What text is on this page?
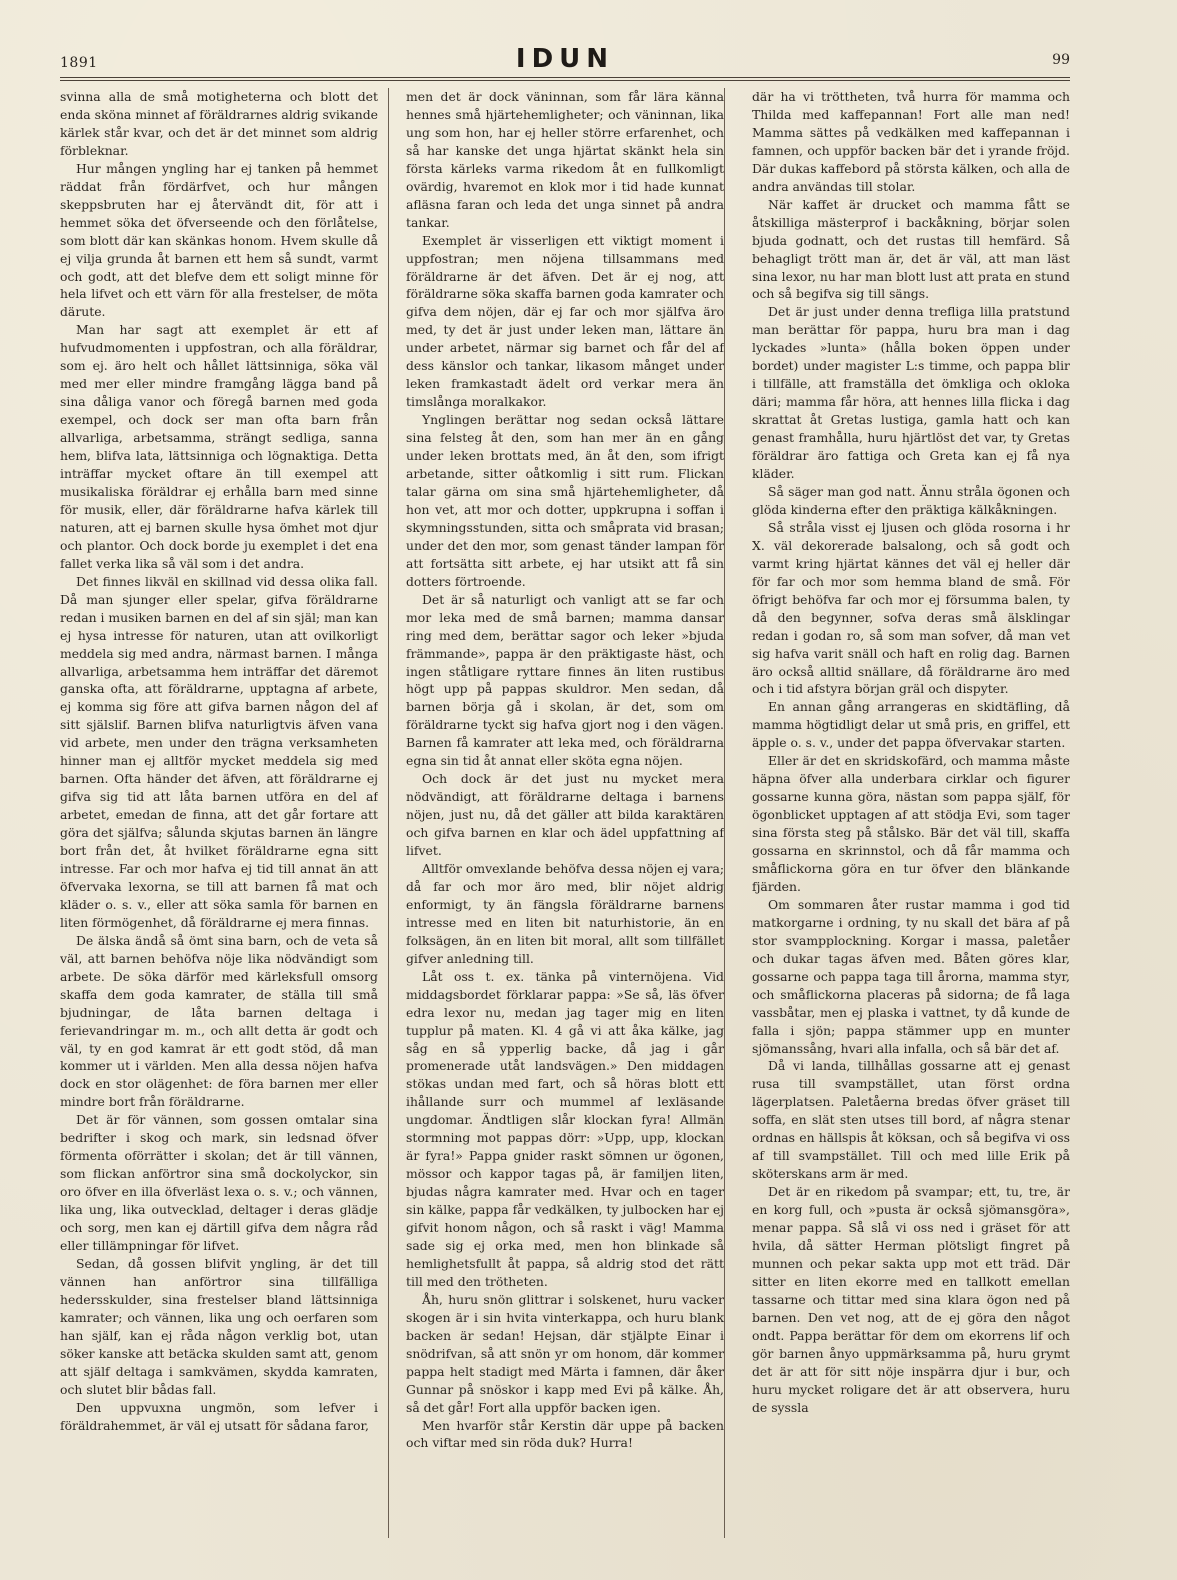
1891	IDUN	99

svinna alla de små motigheterna och blott det enda sköna minnet af föräldrarnes aldrig svikande kärlek står kvar, och det är det minnet som aldrig förbleknar.

Hur mången yngling har ej tanken på hemmet räddat från fördärfvet, och hur mången skeppsbruten har ej återvändt dit, för att i hemmet söka det öfverseende och den förlåtelse, som blott där kan skänkas honom. Hvem skulle då ej vilja grunda åt barnen ett hem så sundt, varmt och godt, att det blefve dem ett soligt minne för hela lifvet och ett värn för alla frestelser, de möta därute.

Man har sagt att exemplet är ett af hufvudmomenten i uppfostran, och alla föräldrar, som ej. äro helt och hållet lättsinniga, söka väl med mer eller mindre framgång lägga band på sina dåliga vanor och föregå barnen med goda exempel, och dock ser man ofta barn från allvarliga, arbetsamma, strängt sedliga, sanna hem, blifva lata, lättsinniga och lögnaktiga. Detta inträffar mycket oftare än till exempel att musikaliska föräldrar ej erhålla barn med sinne för musik, eller, där föräldrarne hafva kärlek till naturen, att ej barnen skulle hysa ömhet mot djur och plantor. Och dock borde ju exemplet i det ena fallet verka lika så väl som i det andra.

Det finnes likväl en skillnad vid dessa olika fall. Då man sjunger eller spelar, gifva föräldrarne redan i musiken barnen en del af sin själ; man kan ej hysa intresse för naturen, utan att ovilkorligt meddela sig med andra, närmast barnen. I många allvarliga, arbetsamma hem inträffar det däremot ganska ofta, att föräldrarne, upptagna af arbete, ej komma sig före att gifva barnen någon del af sitt själslif. Barnen blifva naturligtvis äfven vana vid arbete, men under den trägna verksamheten hinner man ej alltför mycket meddela sig med barnen. Ofta händer det äfven, att föräldrarne ej gifva sig tid att låta barnen utföra en del af arbetet, emedan de finna, att det går fortare att göra det själfva; sålunda skjutas barnen än längre bort från det, åt hvilket föräldrarne egna sitt intresse. Far och mor hafva ej tid till annat än att öfvervaka lexorna, se till att barnen få mat och kläder o. s. v., eller att söka samla för barnen en liten förmögenhet, då föräldrarne ej mera finnas.

De älska ändå så ömt sina barn, och de veta så väl, att barnen behöfva nöje lika nödvändigt som arbete. De söka därför med kärleksfull omsorg skaffa dem goda kamrater, de ställa till små bjudningar, de låta barnen deltaga i ferievandringar m. m., och allt detta är godt och väl, ty en god kamrat är ett godt stöd, då man kommer ut i världen. Men alla dessa nöjen hafva dock en stor olägenhet: de föra barnen mer eller mindre bort från föräldrarne.

Det är för vännen, som gossen omtalar sina bedrifter i skog och mark, sin ledsnad öfver förmenta oförrätter i skolan; det är till vännen, som flickan anförtror sina små dockolyckor, sin oro öfver en illa öfverläst lexa o. s. v.; och vännen, lika ung, lika outvecklad, deltager i deras glädje och sorg, men kan ej därtill gifva dem några råd eller tillämpningar för lifvet.

Sedan, då gossen blifvit yngling, är det till vännen han anförtror sina tillfälliga hedersskulder, sina frestelser bland lättsinniga kamrater; och vännen, lika ung och oerfaren som han själf, kan ej råda någon verklig bot, utan söker kanske att betäcka skulden samt att, genom att själf deltaga i samkvämen, skydda kamraten, och slutet blir bådas fall.

Den uppvuxna ungmön, som lefver i föräldrahemmet, är väl ej utsatt för sådana faror,

men det är dock väninnan, som får lära känna hennes små hjärtehemligheter; och väninnan, lika ung som hon, har ej heller större erfarenhet, och så har kanske det unga hjärtat skänkt hela sin första kärleks varma rikedom åt en fullkomligt ovärdig, hvaremot en klok mor i tid hade kunnat afläsna faran och leda det unga sinnet på andra tankar.

Exemplet är visserligen ett viktigt moment i uppfostran; men nöjena tillsammans med föräldrarne är det äfven. Det är ej nog, att föräldrarne söka skaffa barnen goda kamrater och gifva dem nöjen, där ej far och mor själfva äro med, ty det är just under leken man, lättare än under arbetet, närmar sig barnet och får del af dess känslor och tankar, likasom månget under leken framkastadt ädelt ord verkar mera än timslånga moralkakor.

Ynglingen berättar nog sedan också lättare sina felsteg åt den, som han mer än en gång under leken brottats med, än åt den, som ifrigt arbetande, sitter oåtkomlig i sitt rum. Flickan talar gärna om sina små hjärtehemligheter, då hon vet, att mor och dotter, uppkrupna i soffan i skymningsstunden, sitta och småprata vid brasan; under det den mor, som genast tänder lampan för att fortsätta sitt arbete, ej har utsikt att få sin dotters förtroende.

Det är så naturligt och vanligt att se far och mor leka med de små barnen; mamma dansar ring med dem, berättar sagor och leker »bjuda främmande», pappa är den präktigaste häst, och ingen ståtligare ryttare finnes än liten rustibus högt upp på pappas skuldror. Men sedan, då barnen börja gå i skolan, är det, som om föräldrarne tyckt sig hafva gjort nog i den vägen. Barnen få kamrater att leka med, och föräldrarna egna sin tid åt annat eller sköta egna nöjen.

Och dock är det just nu mycket mera nödvändigt, att föräldrarne deltaga i barnens nöjen, just nu, då det gäller att bilda karaktären och gifva barnen en klar och ädel uppfattning af lifvet.

Alltför omvexlande behöfva dessa nöjen ej vara; då far och mor äro med, blir nöjet aldrig enformigt, ty än fängsla föräldrarne barnens intresse med en liten bit naturhistorie, än en folksägen, än en liten bit moral, allt som tillfället gifver anledning till.

Låt oss t. ex. tänka på vinternöjena. Vid middagsbordet förklarar pappa: »Se så, läs öfver edra lexor nu, medan jag tager mig en liten tupplur på maten. Kl. 4 gå vi att åka kälke, jag såg en så ypperlig backe, då jag i går promenerade utåt landsvägen.» Den middagen stökas undan med fart, och så höras blott ett ihållande surr och mummel af lexläsande ungdomar. Ändtligen slår klockan fyra! Allmän stormning mot pappas dörr: »Upp, upp, klockan är fyra!» Pappa gnider raskt sömnen ur ögonen, mössor och kappor tagas på, är familjen liten, bjudas några kamrater med. Hvar och en tager sin kälke, pappa får vedkälken, ty julbocken har ej gifvit honom någon, och så raskt i väg! Mamma sade sig ej orka med, men hon blinkade så hemlighetsfullt åt pappa, så aldrig stod det rätt till med den trötheten.

Åh, huru snön glittrar i solskenet, huru vacker skogen är i sin hvita vinterkappa, och huru blank backen är sedan! Hejsan, där stjälpte Einar i snödrifvan, så att snön yr om honom, där kommer pappa helt stadigt med Märta i famnen, där åker Gunnar på snöskor i kapp med Evi på kälke. Åh, så det går! Fort alla uppför backen igen.

Men hvarför står Kerstin där uppe på backen och viftar med sin röda duk? Hurra!

där ha vi tröttheten, två hurra för mamma och Thilda med kaffepannan! Fort alle man ned! Mamma sättes på vedkälken med kaffepannan i famnen, och uppför backen bär det i yrande fröjd. Där dukas kaffebord på största kälken, och alla de andra användas till stolar.

När kaffet är drucket och mamma fått se åtskilliga mästerprof i backåkning, börjar solen bjuda godnatt, och det rustas till hemfärd. Så behagligt trött man är, det är väl, att man läst sina lexor, nu har man blott lust att prata en stund och så begifva sig till sängs.

Det är just under denna trefliga lilla pratstund man berättar för pappa, huru bra man i dag lyckades »lunta» (hålla boken öppen under bordet) under magister L:s timme, och pappa blir i tillfälle, att framställa det ömkliga och okloka däri; mamma får höra, att hennes lilla flicka i dag skrattat åt Gretas lustiga, gamla hatt och kan genast framhålla, huru hjärtlöst det var, ty Gretas föräldrar äro fattiga och Greta kan ej få nya kläder.

Så säger man god natt. Ännu stråla ögonen och glöda kinderna efter den präktiga kälkåkningen.

Så stråla visst ej ljusen och glöda rosorna i hr X. väl dekorerade balsalong, och så godt och varmt kring hjärtat kännes det väl ej heller där för far och mor som hemma bland de små. För öfrigt behöfva far och mor ej försumma balen, ty då den begynner, sofva deras små älsklingar redan i godan ro, så som man sofver, då man vet sig hafva varit snäll och haft en rolig dag. Barnen äro också alltid snällare, då föräldrarne äro med och i tid afstyra början gräl och dispyter.

En annan gång arrangeras en skidtäfling, då mamma högtidligt delar ut små pris, en griffel, ett äpple o. s. v., under det pappa öfvervakar starten.

Eller är det en skridskofärd, och mamma måste häpna öfver alla underbara cirklar och figurer gossarne kunna göra, nästan som pappa själf, för ögonblicket upptagen af att stödja Evi, som tager sina första steg på stålsko. Bär det väl till, skaffa gossarna en skrinnstol, och då får mamma och småflickorna göra en tur öfver den blänkande fjärden.

Om sommaren åter rustar mamma i god tid matkorgarne i ordning, ty nu skall det bära af på stor svampplockning. Korgar i massa, paletåer och dukar tagas äfven med. Båten göres klar, gossarne och pappa taga till årorna, mamma styr, och småflickorna placeras på sidorna; de få laga vassbåtar, men ej plaska i vattnet, ty då kunde de falla i sjön; pappa stämmer upp en munter sjömanssång, hvari alla infalla, och så bär det af.

Då vi landa, tillhållas gossarne att ej genast rusa till svampstället, utan först ordna lägerplatsen. Paletåerna bredas öfver gräset till soffa, en slät sten utses till bord, af några stenar ordnas en hällspis åt köksan, och så begifva vi oss af till svampstället. Till och med lille Erik på sköterskans arm är med.

Det är en rikedom på svampar; ett, tu, tre, är en korg full, och »pusta är också sjömansgöra», menar pappa. Så slå vi oss ned i gräset för att hvila, då sätter Herman plötsligt fingret på munnen och pekar sakta upp mot ett träd. Där sitter en liten ekorre med en tallkott emellan tassarne och tittar med sina klara ögon ned på barnen. Den vet nog, att de ej göra den något ondt. Pappa berättar för dem om ekorrens lif och gör barnen ånyo uppmärksamma på, huru grymt det är att för sitt nöje inspärra djur i bur, och huru mycket roligare det är att observera, huru de syssla
